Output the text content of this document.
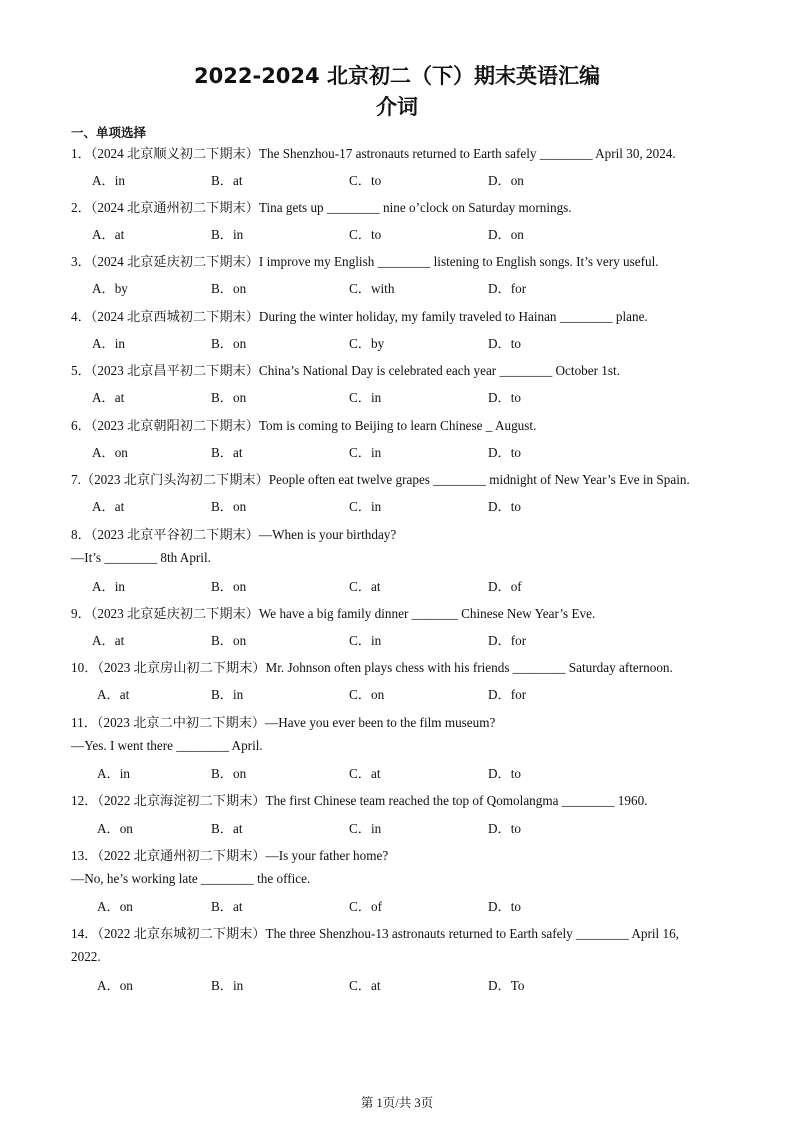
2022-2024 北京初二（下）期末英语汇编
介词
一、单项选择
1．（2024 北京顺义初二下期末）The Shenzhou-17 astronauts returned to Earth safely ________ April 30, 2024.
A．in	B．at	C．to	D．on
2．（2024 北京通州初二下期末）Tina gets up ________ nine o’clock on Saturday mornings.
A．at	B．in	C．to	D．on
3．（2024 北京延庆初二下期末）I improve my English ________ listening to English songs. It’s very useful.
A．by	B．on	C．with	D．for
4．（2024 北京西城初二下期末）During the winter holiday, my family traveled to Hainan ________ plane.
A．in	B．on	C．by	D．to
5．（2023 北京昌平初二下期末）China’s National Day is celebrated each year ________ October 1st.
A．at	B．on	C．in	D．to
6．（2023 北京朝阳初二下期末）Tom is coming to Beijing to learn Chinese _ August.
A．on	B．at	C．in	D．to
7.（2023 北京门头沟初二下期末）People often eat twelve grapes ________ midnight of New Year’s Eve in Spain.
A．at	B．on	C．in	D．to
8．（2023 北京平谷初二下期末）—When is your birthday?
—It’s ________ 8th April.
A．in	B．on	C．at	D．of
9．（2023 北京延庆初二下期末）We have a big family dinner _______ Chinese New Year’s Eve.
A．at	B．on	C．in	D．for
10．（2023 北京房山初二下期末）Mr. Johnson often plays chess with his friends ________ Saturday afternoon.
A．at	B．in	C．on	D．for
11．（2023 北京二中初二下期末）—Have you ever been to the film museum?
—Yes. I went there ________ April.
A．in	B．on	C．at	D．to
12．（2022 北京海淀初二下期末）The first Chinese team reached the top of Qomolangma ________ 1960.
A．on	B．at	C．in	D．to
13．（2022 北京通州初二下期末）—Is your father home?
—No, he’s working late ________ the office.
A．on	B．at	C．of	D．to
14．（2022 北京东城初二下期末）The three Shenzhou-13 astronauts returned to Earth safely ________ April 16,
2022.
A．on	B．in	C．at	D．To
第 1页/共 3页
